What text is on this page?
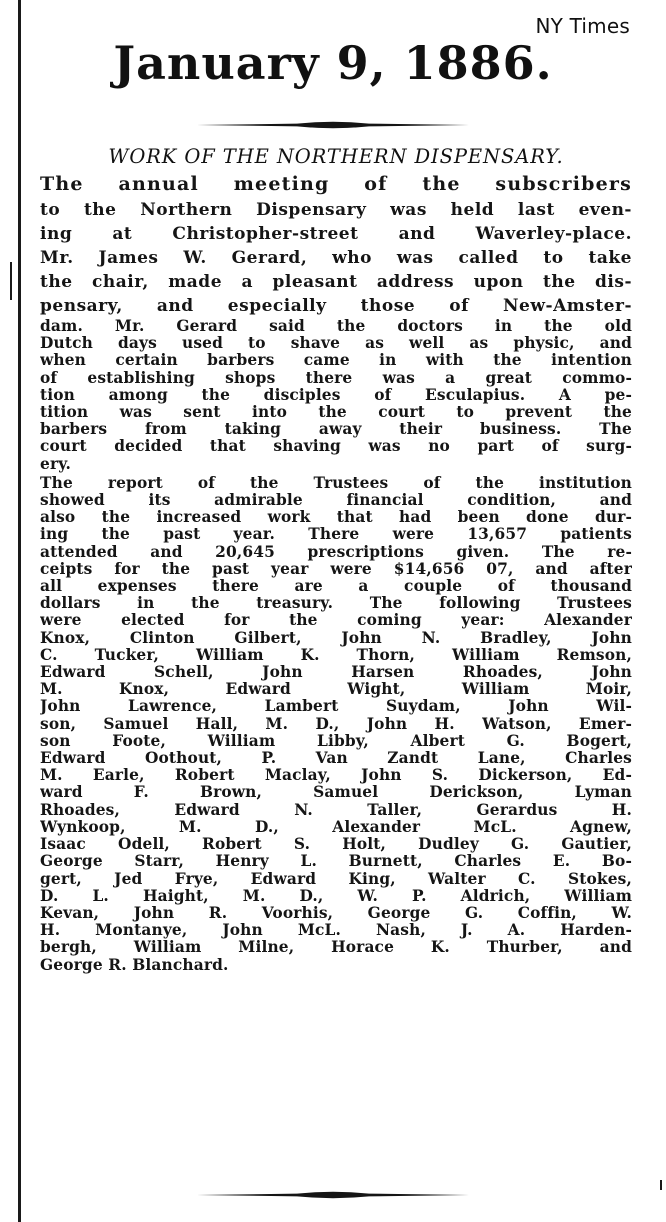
NY Times
January 9, 1886.
WORK OF THE NORTHERN DISPENSARY.
The annual meeting of the subscribers
to the Northern Dispensary was held last even-
ing at Christopher-street and Waverley-place.
Mr. James W. Gerard, who was called to take
the chair, made a pleasant address upon the dis-
pensary, and especially those of New-Amster-
dam. Mr. Gerard said the doctors in the old
Dutch days used to shave as well as physic, and
when certain barbers came in with the intention
of establishing shops there was a great commo-
tion among the disciples of Esculapius. A pe-
tition was sent into the court to prevent the
barbers from taking away their business. The
court decided that shaving was no part of surg-
ery.
The report of the Trustees of the institution
showed its admirable financial condition, and
also the increased work that had been done dur-
ing the past year. There were 13,657 patients
attended and 20,645 prescriptions given. The re-
ceipts for the past year were $14,656 07, and after
all expenses there are a couple of thousand
dollars in the treasury. The following Trustees
were elected for the coming year: Alexander
Knox, Clinton Gilbert, John N. Bradley, John
C. Tucker, William K. Thorn, William Remson,
Edward Schell, John Harsen Rhoades, John
M. Knox, Edward Wight, William Moir,
John Lawrence, Lambert Suydam, John Wil-
son, Samuel Hall, M. D., John H. Watson, Emer-
son Foote, William Libby, Albert G. Bogert,
Edward Oothout, P. Van Zandt Lane, Charles
M. Earle, Robert Maclay, John S. Dickerson, Ed-
ward F. Brown, Samuel Derickson, Lyman
Rhoades, Edward N. Taller, Gerardus H.
Wynkoop, M. D., Alexander McL. Agnew,
Isaac Odell, Robert S. Holt, Dudley G. Gautier,
George Starr, Henry L. Burnett, Charles E. Bo-
gert, Jed Frye, Edward King, Walter C. Stokes,
D. L. Haight, M. D., W. P. Aldrich, William
Kevan, John R. Voorhis, George G. Coffin, W.
H. Montanye, John McL. Nash, J. A. Harden-
bergh, William Milne, Horace K. Thurber, and
George R. Blanchard.
